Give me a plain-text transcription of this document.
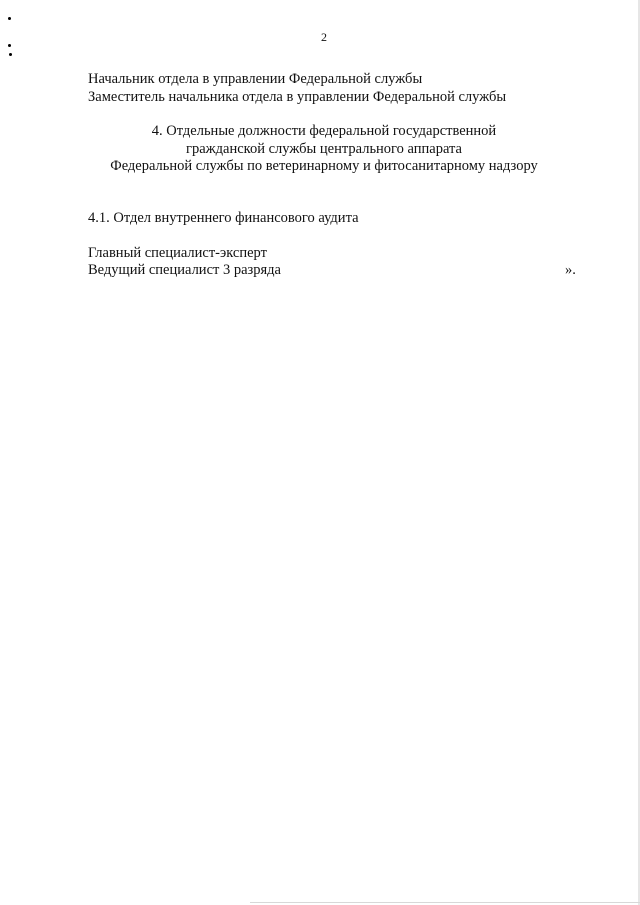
2
Начальник отдела в управлении Федеральной службы
Заместитель начальника отдела в управлении Федеральной службы
4. Отдельные должности федеральной государственной
гражданской службы центрального аппарата
Федеральной службы по ветеринарному и фитосанитарному надзору
4.1. Отдел внутреннего финансового аудита
Главный специалист-эксперт
Ведущий специалист 3 разряда	».
